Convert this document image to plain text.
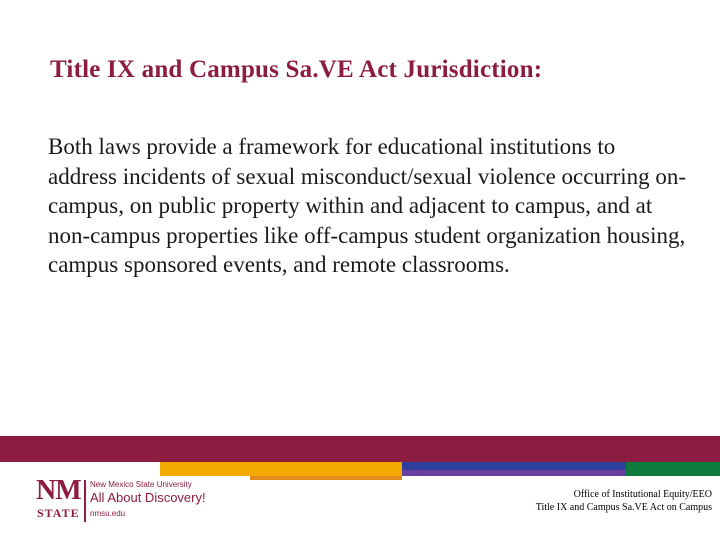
Title IX and Campus Sa.VE Act Jurisdiction:
Both laws provide a framework for educational institutions to address incidents of sexual misconduct/sexual violence occurring on-campus, on public property within and adjacent to campus, and at non-campus properties like off-campus student organization housing, campus sponsored events, and remote classrooms.
NM
STATE
New Mexico State University
All About Discovery!
nmsu.edu
Office of Institutional Equity/EEO
Title IX and Campus Sa.VE Act on Campus
